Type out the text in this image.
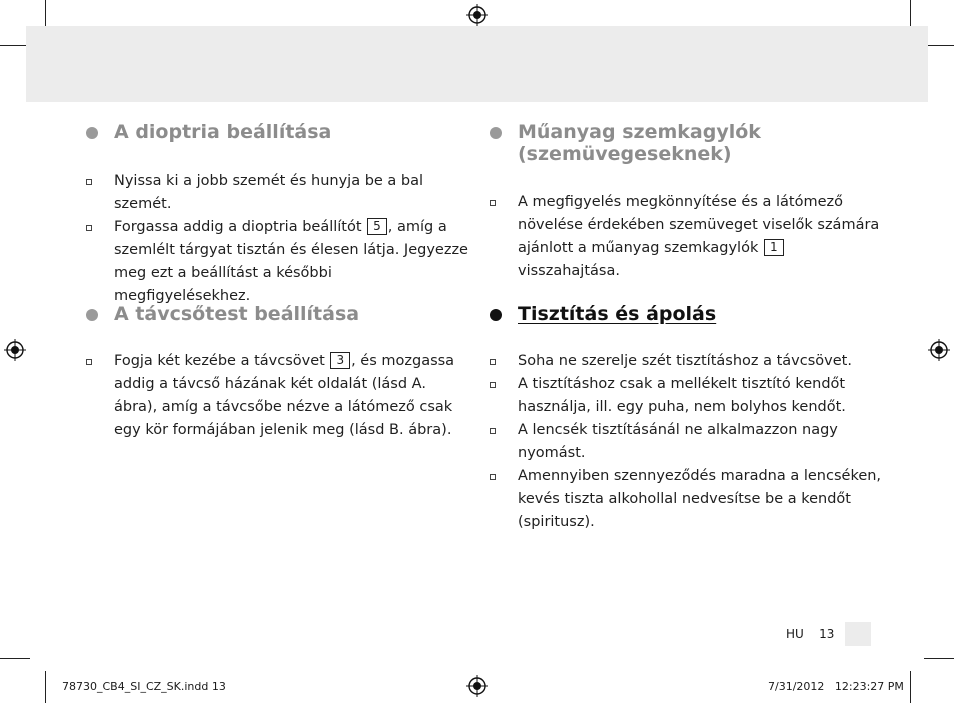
A dioptria beállítása
Nyissa ki a jobb szemét és hunyja be a bal szemét.
Forgassa addig a dioptria beállítót 5 , amíg a szemlélt tárgyat tisztán és élesen látja. Jegyezze meg ezt a beállítást a későbbi megfigyelésekhez.
A távcsőtest beállítása
Fogja két kezébe a távcsövet 3 , és mozgassa addig a távcső házának két oldalát (lásd A. ábra), amíg a távcsőbe nézve a látómező csak egy kör formájában jelenik meg (lásd B. ábra).
Műanyag szemkagylók (szemüvegeseknek)
A megfigyelés megkönnyítése és a látómező növelése érdekében szemüveget viselők számára ajánlott a műanyag szemkagylók 1 visszahajtása.
Tisztítás és ápolás
Soha ne szerelje szét tisztításhoz a távcsövet.
A tisztításhoz csak a mellékelt tisztító kendőt használja, ill. egy puha, nem bolyhos kendőt.
A lencsék tisztításánál ne alkalmazzon nagy nyomást.
Amennyiben szennyeződés maradna a lencséken, kevés tiszta alkohollal nedvesítse be a kendőt (spiritusz).
HU    13
78730_CB4_SI_CZ_SK.indd 13	7/31/2012   12:23:27 PM
